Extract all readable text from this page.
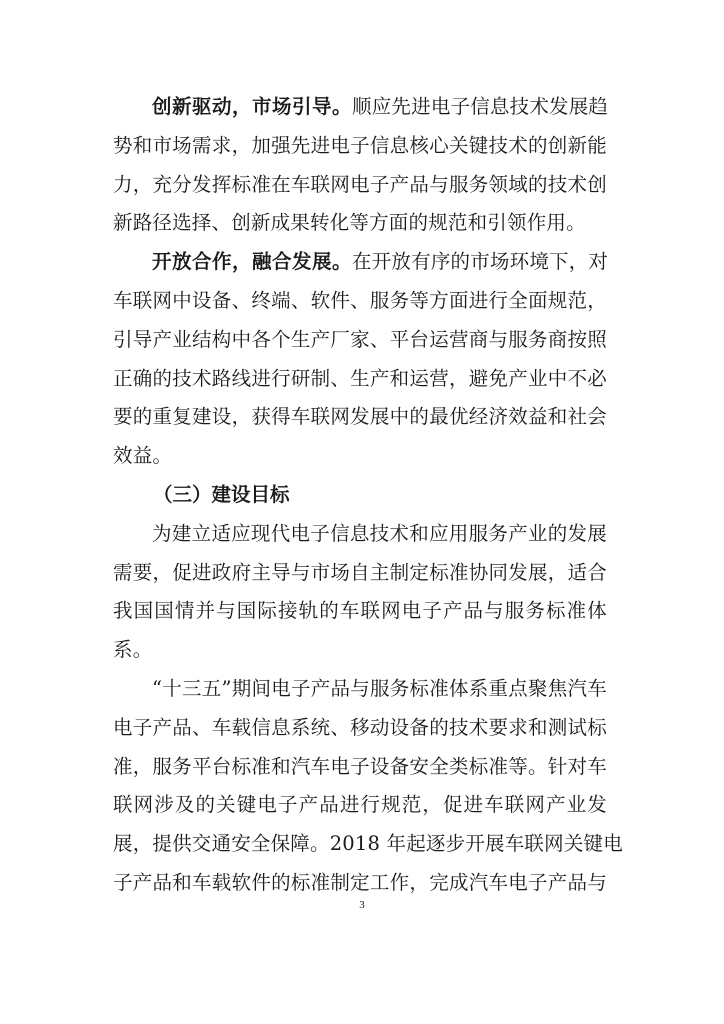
创新驱动，市场引导。顺应先进电子信息技术发展趋

势和市场需求，加强先进电子信息核心关键技术的创新能

力，充分发挥标准在车联网电子产品与服务领域的技术创

新路径选择、创新成果转化等方面的规范和引领作用。

开放合作，融合发展。在开放有序的市场环境下，对

车联网中设备、终端、软件、服务等方面进行全面规范，

引导产业结构中各个生产厂家、平台运营商与服务商按照

正确的技术路线进行研制、生产和运营，避免产业中不必

要的重复建设，获得车联网发展中的最优经济效益和社会

效益。

（三）建设目标

为建立适应现代电子信息技术和应用服务产业的发展

需要，促进政府主导与市场自主制定标准协同发展，适合

我国国情并与国际接轨的车联网电子产品与服务标准体

系。

“十三五”期间电子产品与服务标准体系重点聚焦汽车

电子产品、车载信息系统、移动设备的技术要求和测试标

准，服务平台标准和汽车电子设备安全类标准等。针对车

联网涉及的关键电子产品进行规范，促进车联网产业发

展，提供交通安全保障。2018 年起逐步开展车联网关键电

子产品和车载软件的标准制定工作，完成汽车电子产品与

3
